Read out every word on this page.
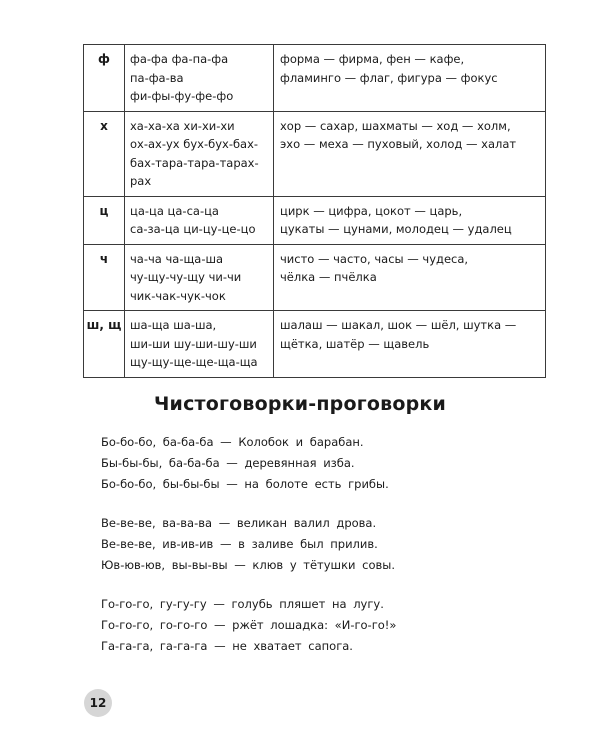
ф	фа-фа фа-па-фа
па-фа-ва
фи-фы-фу-фе-фо	форма — фирма, фен — кафе,
фламинго — флаг, фигура — фокус

х	ха-ха-ха хи-хи-хи
ох-ах-ух бух-бух-бах-
бах-тара-тара-тарах-
рах	хор — сахар, шахматы — ход — холм,
эхо — меха — пуховый, холод — халат

ц	ца-ца ца-са-ца
са-за-ца ци-цу-це-цо	цирк — цифра, цокот — царь,
цукаты — цунами, молодец — удалец

ч	ча-ча ча-ща-ша
чу-щу-чу-щу чи-чи
чик-чак-чук-чок	чисто — часто, часы — чудеса,
чёлка — пчёлка

ш, щ	ша-ща ша-ша,
ши-ши шу-ши-шу-ши
щу-щу-ще-ще-ща-ща	шалаш — шакал, шок — шёл, шутка —
щётка, шатёр — щавель
Чистоговорки-проговорки
Бо-бо-бо, ба-ба-ба — Колобок и барабан.
Бы-бы-бы, ба-ба-ба — деревянная изба.
Бо-бо-бо, бы-бы-бы — на болоте есть грибы.
Ве-ве-ве, ва-ва-ва — великан валил дрова.
Ве-ве-ве, ив-ив-ив — в заливе был прилив.
Юв-юв-юв, вы-вы-вы — клюв у тётушки совы.
Го-го-го, гу-гу-гу — голубь пляшет на лугу.
Го-го-го, го-го-го — ржёт лошадка: «И-го-го!»
Га-га-га, га-га-га — не хватает сапога.
12
